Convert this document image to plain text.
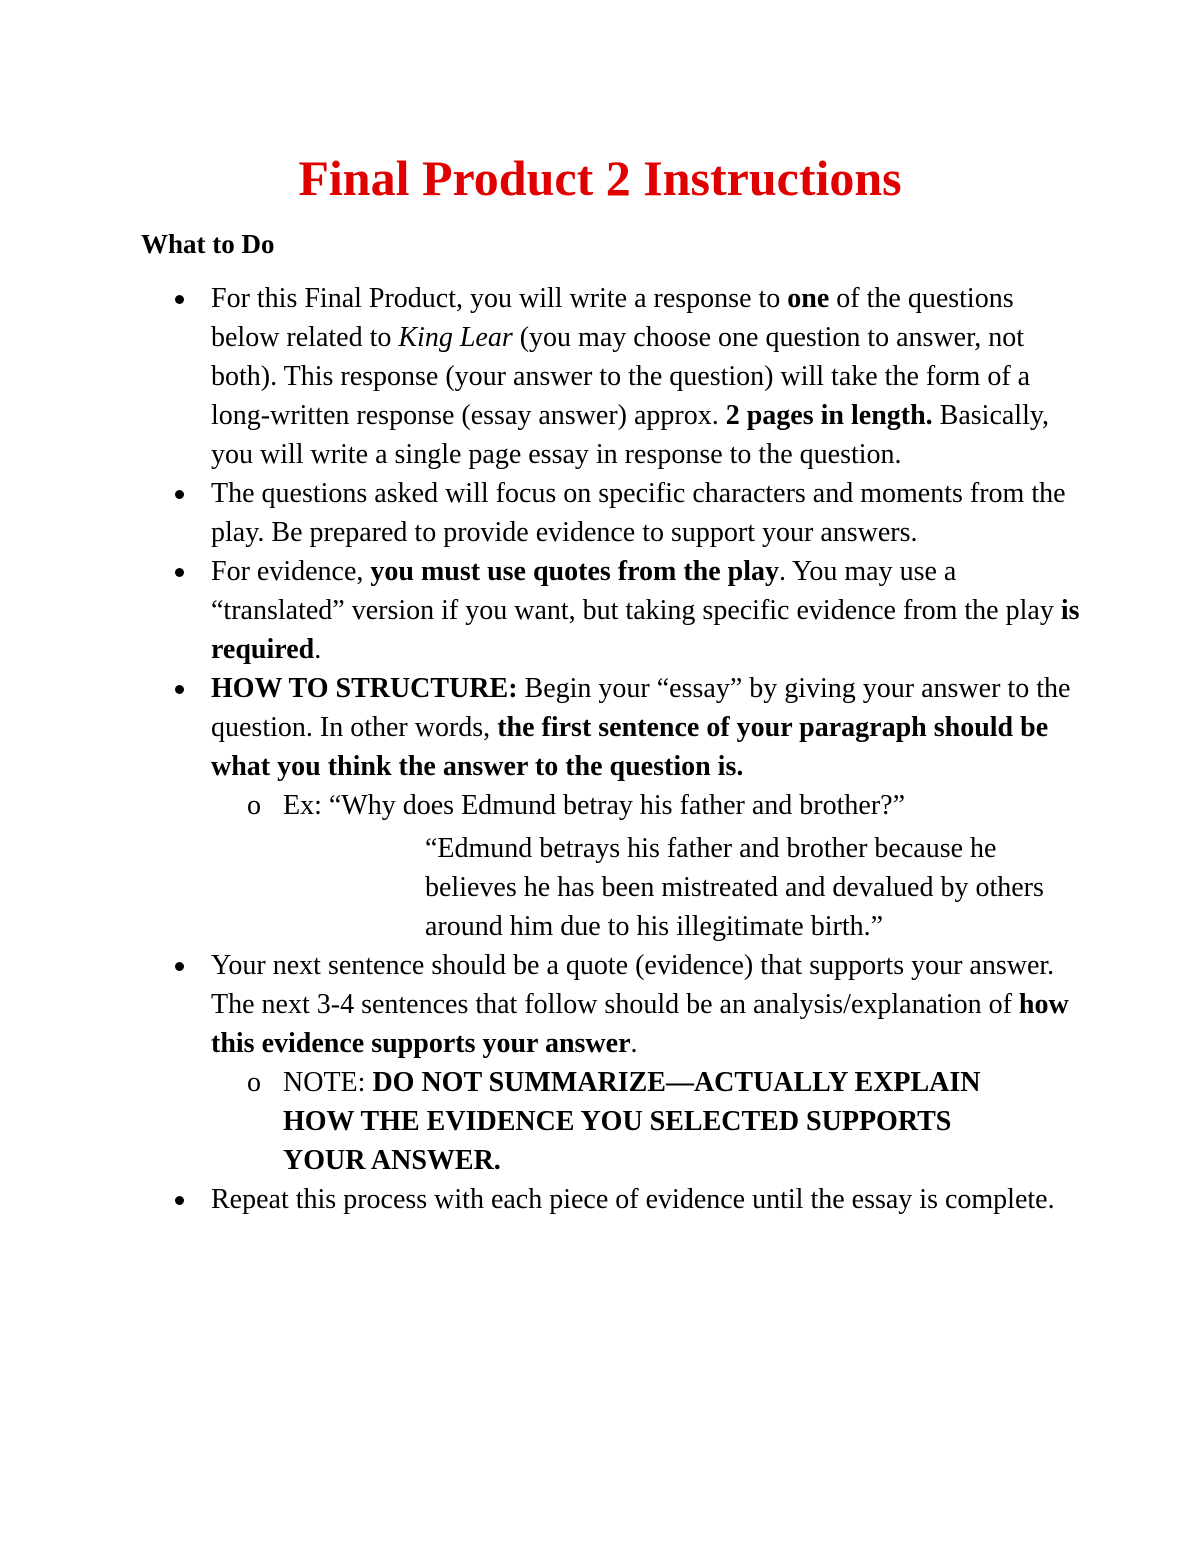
Final Product 2 Instructions
What to Do
For this Final Product, you will write a response to one of the questions below related to King Lear (you may choose one question to answer, not both). This response (your answer to the question) will take the form of a long-written response (essay answer) approx. 2 pages in length. Basically, you will write a single page essay in response to the question.
The questions asked will focus on specific characters and moments from the play. Be prepared to provide evidence to support your answers.
For evidence, you must use quotes from the play. You may use a “translated” version if you want, but taking specific evidence from the play is required.
HOW TO STRUCTURE: Begin your “essay” by giving your answer to the question. In other words, the first sentence of your paragraph should be what you think the answer to the question is.
o Ex: “Why does Edmund betray his father and brother?”
“Edmund betrays his father and brother because he believes he has been mistreated and devalued by others around him due to his illegitimate birth.”
Your next sentence should be a quote (evidence) that supports your answer. The next 3-4 sentences that follow should be an analysis/explanation of how this evidence supports your answer.
o NOTE: DO NOT SUMMARIZE—ACTUALLY EXPLAIN HOW THE EVIDENCE YOU SELECTED SUPPORTS YOUR ANSWER.
Repeat this process with each piece of evidence until the essay is complete.
